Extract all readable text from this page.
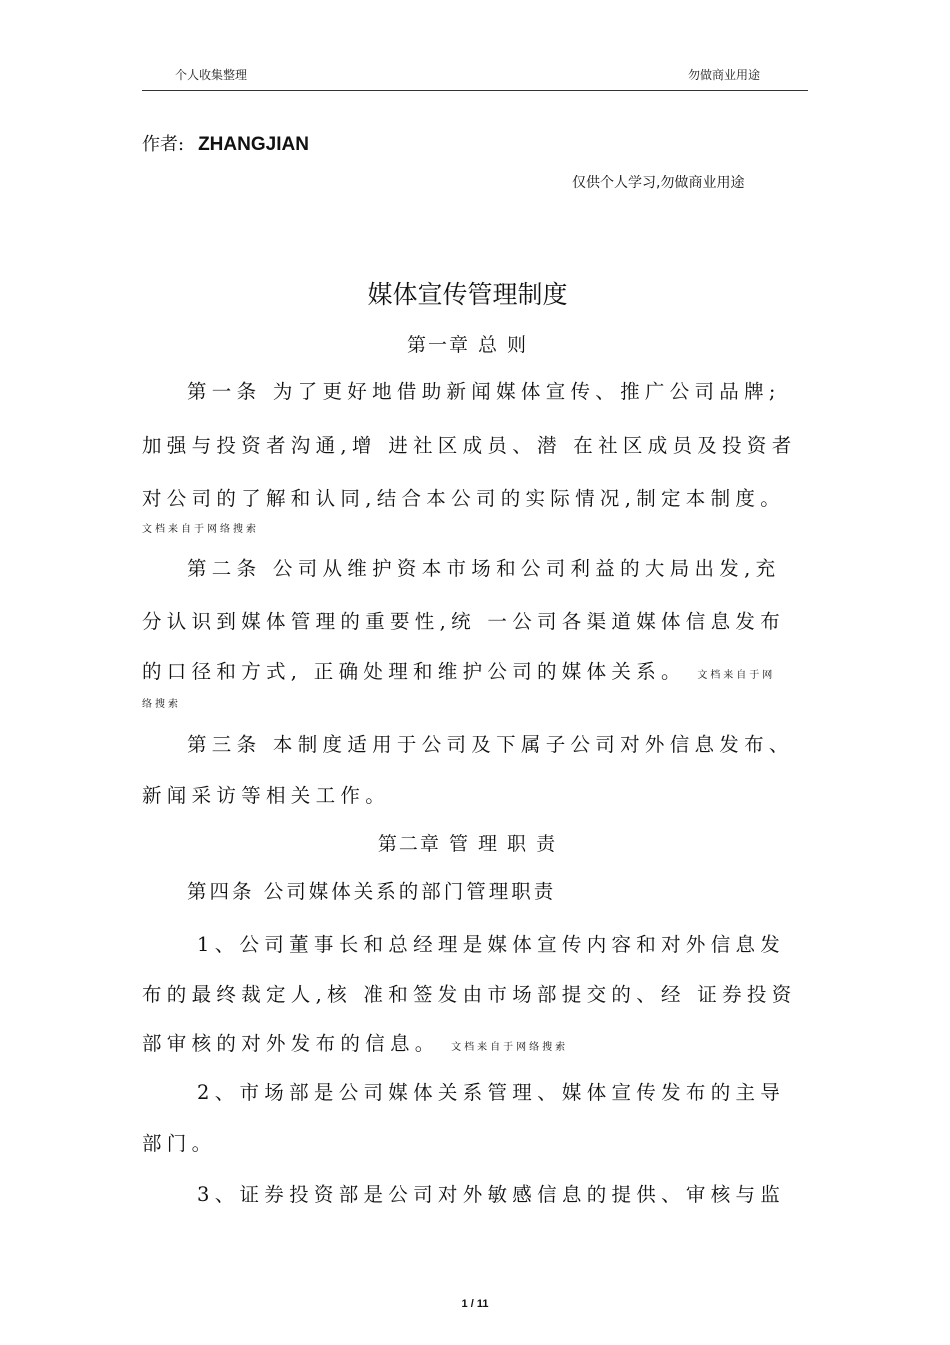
个人收集整理	勿做商业用途
作者: ZHANGJIAN
仅供个人学习,勿做商业用途
媒体宣传管理制度
第一章 总 则
第一条 为了更好地借助新闻媒体宣传、推广公司品牌;
加强与投资者沟通,增 进社区成员、潜 在社区成员及投资者
对公司的了解和认同,结合本公司的实际情况,制定本制度。
文档来自于网络搜索
第二条 公司从维护资本市场和公司利益的大局出发,充
分认识到媒体管理的重要性,统 一公司各渠道媒体信息发布
的口径和方式, 正确处理和维护公司的媒体关系。 文档来自于网
络搜索
第三条 本制度适用于公司及下属子公司对外信息发布、
新闻采访等相关工作。
第二章 管 理 职 责
第四条 公司媒体关系的部门管理职责
1、公司董事长和总经理是媒体宣传内容和对外信息发
布的最终裁定人,核 准和签发由市场部提交的、经 证券投资
部审核的对外发布的信息。 文档来自于网络搜索
2、市场部是公司媒体关系管理、媒体宣传发布的主导
部门。
3、证券投资部是公司对外敏感信息的提供、审核与监
1 / 11
